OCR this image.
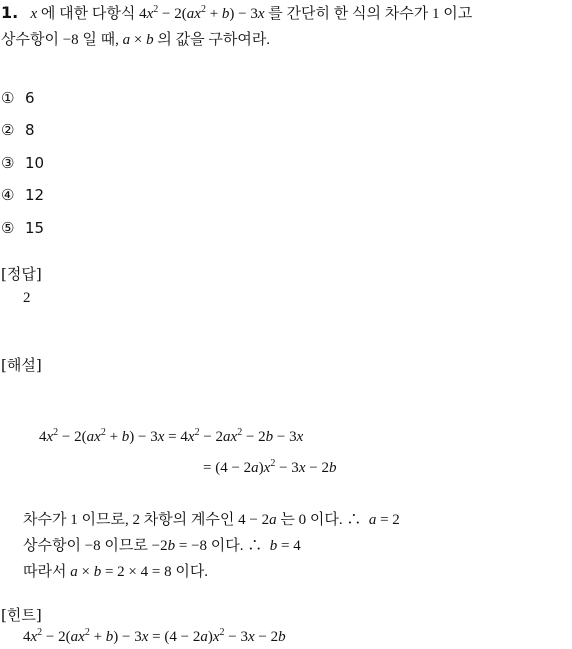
1. x 에 대한 다항식 $4x^2 - 2(ax^2 + b) - 3x$ 를 간단히 한 식의 차수가 1 이고
상수항이 −8 일 때, a × b 의 값을 구하여라.
① 6
② 8
③ 10
④ 12
⑤ 15
[정답]
2
[해설]
$4x^2 - 2(ax^2 + b) - 3x = 4x^2 - 2ax^2 - 2b - 3x$
= $(4 - 2a)x^2 - 3x - 2b$
차수가 1 이므로, 2 차항의 계수인 4 − 2a 는 0 이다. ∴  a = 2
상수항이 −8 이므로 −2b = −8 이다. ∴  b = 4
따라서 a × b = 2 × 4 = 8 이다.
[힌트]
$4x^2 - 2(ax^2 + b) - 3x = (4 - 2a)x^2 - 3x - 2b$
